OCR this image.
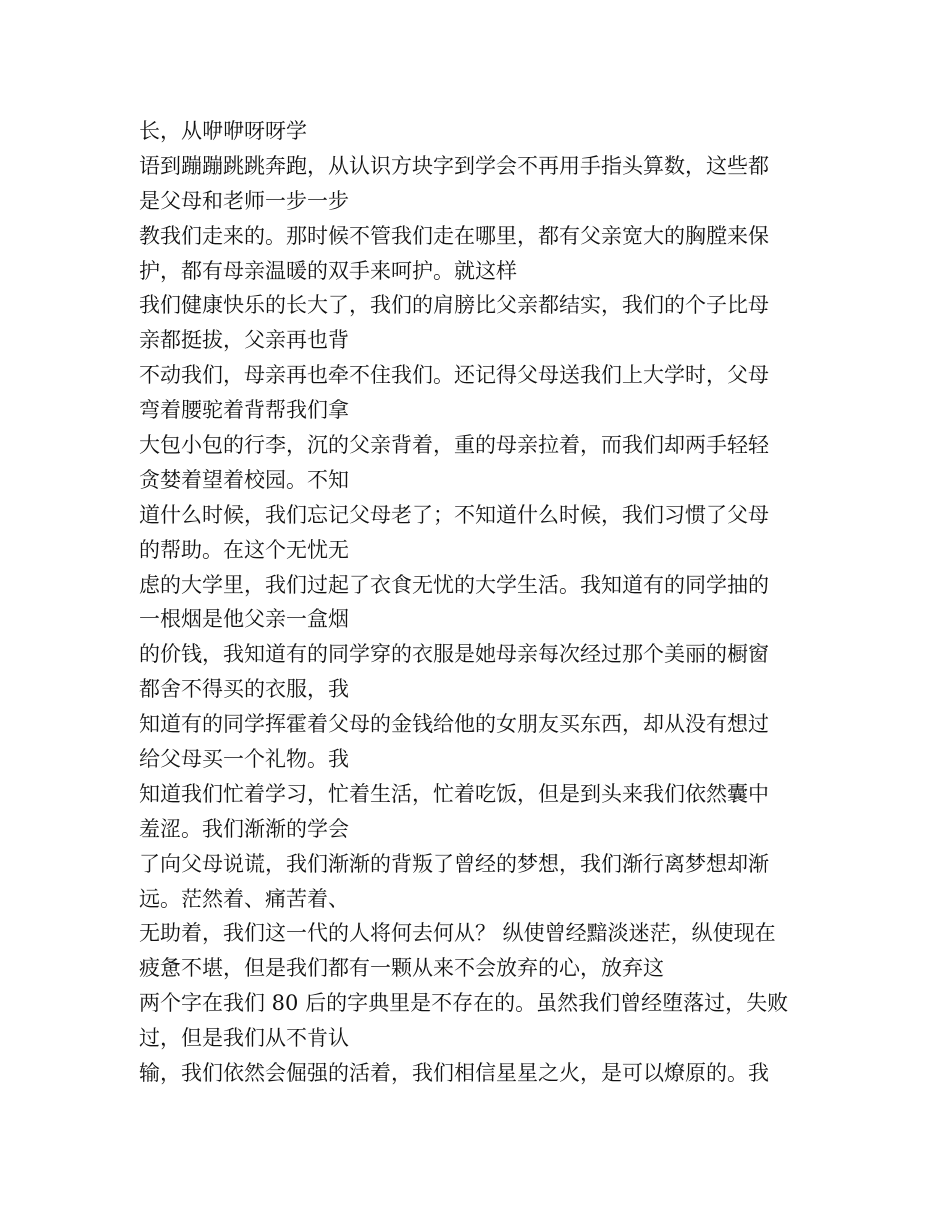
长，从咿咿呀呀学
语到蹦蹦跳跳奔跑，从认识方块字到学会不再用手指头算数，这些都
是父母和老师一步一步
教我们走来的。那时候不管我们走在哪里，都有父亲宽大的胸膛来保
护，都有母亲温暖的双手来呵护。就这样
我们健康快乐的长大了，我们的肩膀比父亲都结实，我们的个子比母
亲都挺拔，父亲再也背
不动我们，母亲再也牵不住我们。还记得父母送我们上大学时，父母
弯着腰驼着背帮我们拿
大包小包的行李，沉的父亲背着，重的母亲拉着，而我们却两手轻轻
贪婪着望着校园。不知
道什么时候，我们忘记父母老了；不知道什么时候，我们习惯了父母
的帮助。在这个无忧无
虑的大学里，我们过起了衣食无忧的大学生活。我知道有的同学抽的
一根烟是他父亲一盒烟
的价钱，我知道有的同学穿的衣服是她母亲每次经过那个美丽的橱窗
都舍不得买的衣服，我
知道有的同学挥霍着父母的金钱给他的女朋友买东西，却从没有想过
给父母买一个礼物。我
知道我们忙着学习，忙着生活，忙着吃饭，但是到头来我们依然囊中
羞涩。我们渐渐的学会
了向父母说谎，我们渐渐的背叛了曾经的梦想，我们渐行离梦想却渐
远。茫然着、痛苦着、
无助着，我们这一代的人将何去何从？ 纵使曾经黯淡迷茫，纵使现在
疲惫不堪，但是我们都有一颗从来不会放弃的心，放弃这
两个字在我们 80 后的字典里是不存在的。虽然我们曾经堕落过，失败
过，但是我们从不肯认
输，我们依然会倔强的活着，我们相信星星之火，是可以燎原的。我
